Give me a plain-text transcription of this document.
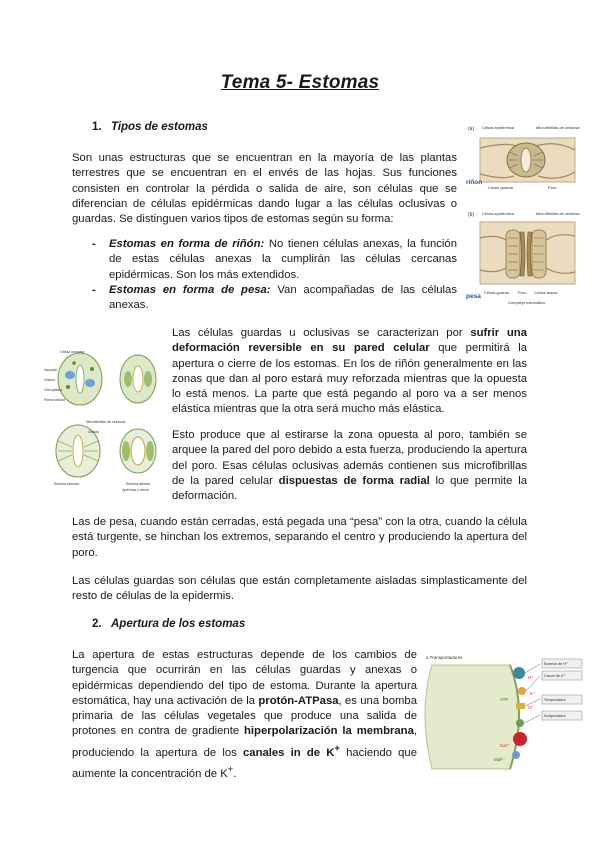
Tema 5- Estomas
1. Tipos de estomas
Son unas estructuras que se encuentran en la mayoría de las plantas terrestres que se encuentran en el envés de las hojas. Sus funciones consisten en controlar la pérdida o salida de aire, son células que se diferencian de células epidérmicas dando lugar a las células oclusivas o guardas. Se distinguen varios tipos de estomas según su forma:
- Estomas en forma de riñón: No tienen células anexas, la función de estas células anexas la cumplirán las células cercanas epidérmicas. Son los más extendidos.
- Estomas en forma de pesa: Van acompañadas de las células anexas.
Las células guardas u oclusivas se caracterizan por sufrir una deformación reversible en su pared celular que permitirá la apertura o cierre de los estomas. En los de riñón generalmente en las zonas que dan al poro estará muy reforzada mientras que la opuesta lo está menos. La parte que está pegando al poro va a ser menos elástica mientras que la otra será mucho más elástica.
Esto produce que al estirarse la zona opuesta al poro, también se arquee la pared del poro debido a esta fuerza, produciendo la apertura del poro. Esas células oclusivas además contienen sus microfibrillas de la pared celular dispuestas de forma radial lo que permite la deformación.
Las de pesa, cuando están cerradas, está pegada una “pesa” con la otra, cuando la célula está turgente, se hinchan los extremos, separando el centro y produciendo la apertura del poro.
Las células guardas son células que están completamente aisladas simplasticamente del resto de células de la epidermis.
2. Apertura de los estomas
La apertura de estas estructuras depende de los cambios de turgencia que ocurrirán en las células guardas y anexas o epidérmicas dependiendo del tipo de estoma. Durante la apertura estomática, hay una activación de la protón-ATPasa, es una bomba primaria de las células vegetales que produce una salida de protones en contra de gradiente hiperpolarización la membrana, produciendo la apertura de los canales in de K+ haciendo que aumente la concentración de K+.
(a) Célula epidérmica	Microfibrillas de celulosa
Célula guarda	Poro
riñon
(b) Célula epidérmica	Microfibrillas de celulosa
Célula guarda Poro Célula anexa
Complejo estomático
pesa
Célula oclusiva
Vacuola
Núcleo
Cloroplasto
Pared celular
Microfibrillas de celulosa
Ostiolo
Estoma cerrado	Estoma abierto
Apertura o cierre
a Transportadores
Bomba de H⁺
Canal de K⁺
Simportador
Antiportador
H⁺
K⁺
Cl⁻
ATP
Ca²⁺
Mal²⁻
